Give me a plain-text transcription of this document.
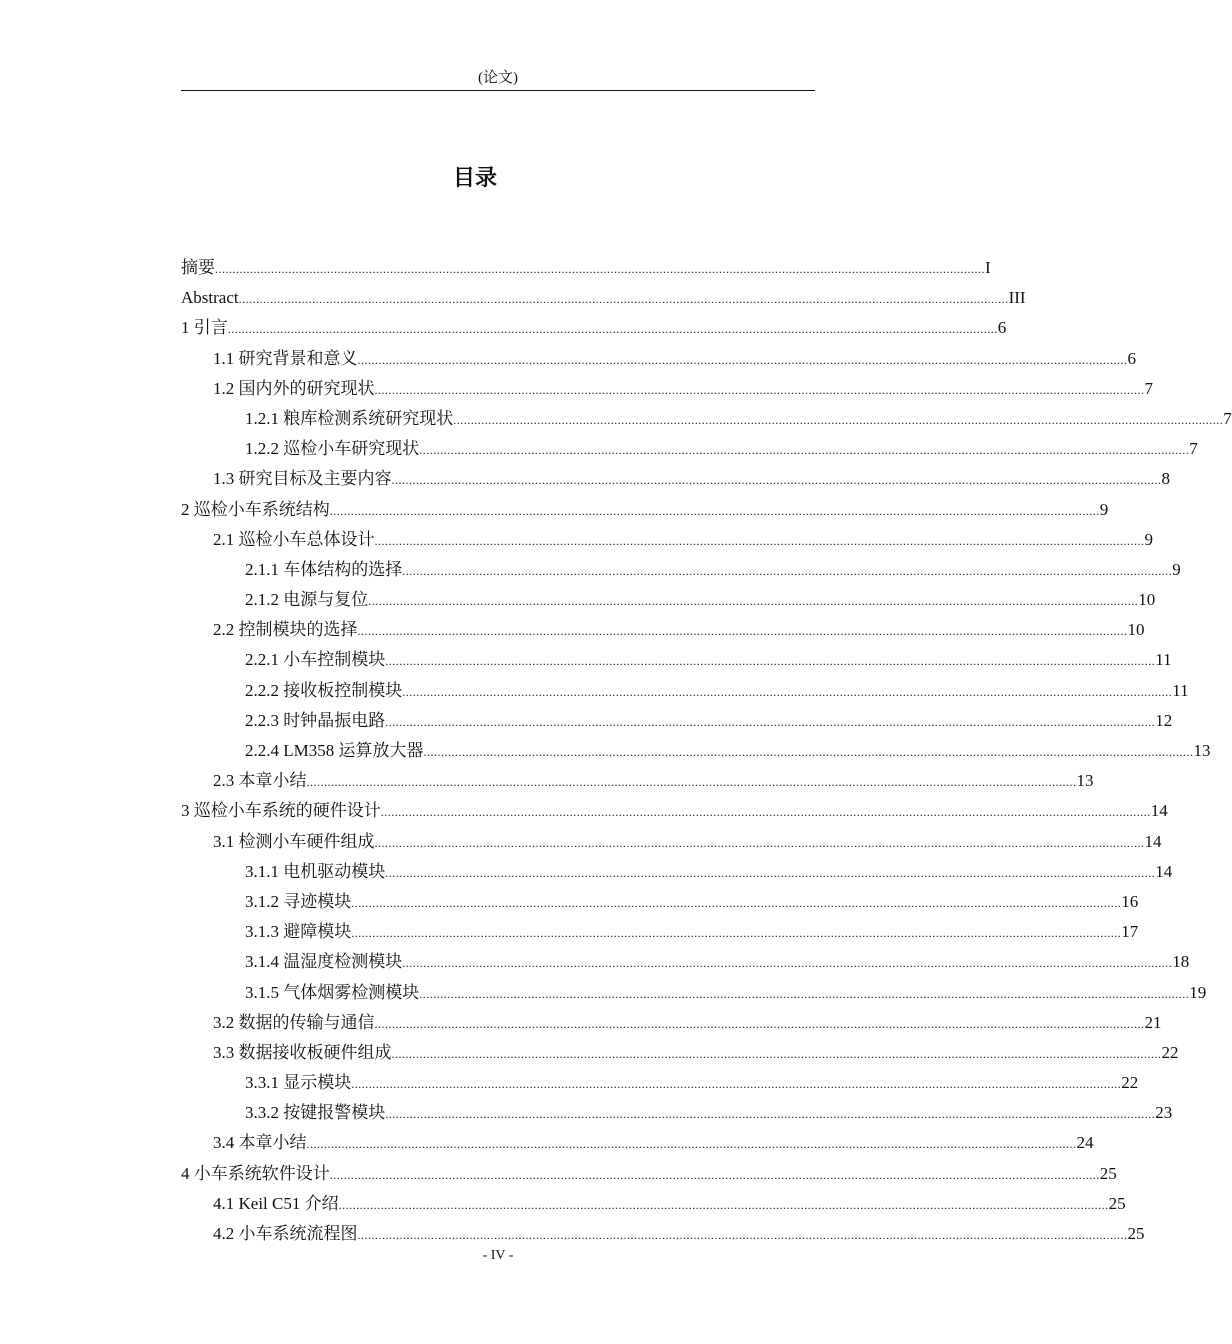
(论文)
目录
摘要 ............................................................................................................................................................................................................................ I
Abstract ............................................................................................................................................................................................................................ III
1 引言 ............................................................................................................................................................................................................................ 6
1.1 研究背景和意义 ............................................................................................................................................................................................................................ 6
1.2 国内外的研究现状 ............................................................................................................................................................................................................................ 7
1.2.1 粮库检测系统研究现状 ............................................................................................................................................................................................................................ 7
1.2.2 巡检小车研究现状 ............................................................................................................................................................................................................................ 7
1.3 研究目标及主要内容 ............................................................................................................................................................................................................................ 8
2 巡检小车系统结构 ............................................................................................................................................................................................................................ 9
2.1 巡检小车总体设计 ............................................................................................................................................................................................................................ 9
2.1.1 车体结构的选择 ............................................................................................................................................................................................................................ 9
2.1.2 电源与复位 ............................................................................................................................................................................................................................ 10
2.2 控制模块的选择 ............................................................................................................................................................................................................................ 10
2.2.1 小车控制模块 ............................................................................................................................................................................................................................ 11
2.2.2 接收板控制模块 ............................................................................................................................................................................................................................ 11
2.2.3 时钟晶振电路 ............................................................................................................................................................................................................................ 12
2.2.4 LM358 运算放大器 ............................................................................................................................................................................................................................ 13
2.3 本章小结 ............................................................................................................................................................................................................................ 13
3 巡检小车系统的硬件设计 ............................................................................................................................................................................................................................ 14
3.1 检测小车硬件组成 ............................................................................................................................................................................................................................ 14
3.1.1 电机驱动模块 ............................................................................................................................................................................................................................ 14
3.1.2 寻迹模块 ............................................................................................................................................................................................................................ 16
3.1.3 避障模块 ............................................................................................................................................................................................................................ 17
3.1.4 温湿度检测模块 ............................................................................................................................................................................................................................ 18
3.1.5 气体烟雾检测模块 ............................................................................................................................................................................................................................ 19
3.2 数据的传输与通信 ............................................................................................................................................................................................................................ 21
3.3 数据接收板硬件组成 ............................................................................................................................................................................................................................ 22
3.3.1 显示模块 ............................................................................................................................................................................................................................ 22
3.3.2 按键报警模块 ............................................................................................................................................................................................................................ 23
3.4 本章小结 ............................................................................................................................................................................................................................ 24
4 小车系统软件设计 ............................................................................................................................................................................................................................ 25
4.1 Keil C51 介绍 ............................................................................................................................................................................................................................ 25
4.2 小车系统流程图 ............................................................................................................................................................................................................................ 25
- IV -
